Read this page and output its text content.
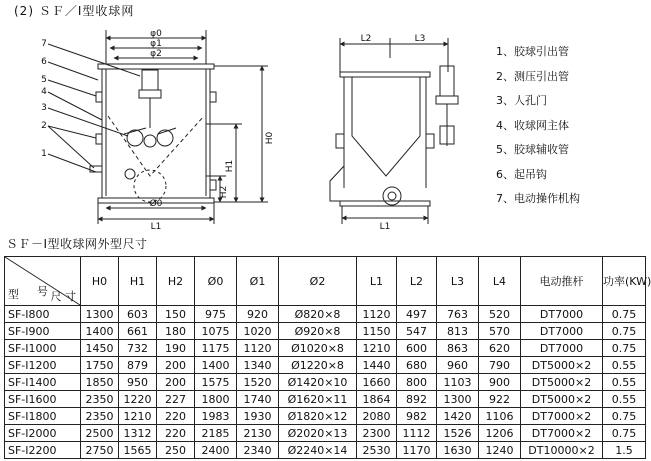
(2) ＳＦ／Ⅰ型收球网
7
6
5
4
3
2
1
φ0
φ1
φ2
Ø0
L1
H0
H1
H2
L2	L3
L1
1、胶球引出管
2、测压引出管
3、人孔门
4、收球网主体
5、胶球辅收管
6、起吊钩
7、电动操作机构
ＳＦ－Ⅰ型收球网外型尺寸
型 号 尺 寸	H0	H1	H2	Ø0	Ø1	Ø2	L1	L2	L3	L4	电动推杆	功率(KW)
SF-Ⅰ800	1300	603	150	975	920	Ø820×8	1120	497	763	520	DT7000	0.75
SF-Ⅰ900	1400	661	180	1075	1020	Ø920×8	1150	547	813	570	DT7000	0.75
SF-Ⅰ1000	1450	732	190	1175	1120	Ø1020×8	1210	600	863	620	DT7000	0.75
SF-Ⅰ1200	1750	879	200	1400	1340	Ø1220×8	1440	680	960	790	DT5000×2	0.55
SF-Ⅰ1400	1850	950	200	1575	1520	Ø1420×10	1660	800	1103	900	DT5000×2	0.55
SF-Ⅰ1600	2350	1220	227	1800	1740	Ø1620×11	1864	892	1300	922	DT5000×2	0.55
SF-Ⅰ1800	2350	1210	220	1983	1930	Ø1820×12	2080	982	1420	1106	DT7000×2	0.75
SF-Ⅰ2000	2500	1312	220	2185	2130	Ø2020×13	2300	1112	1526	1206	DT7000×2	0.75
SF-Ⅰ2200	2750	1565	250	2400	2340	Ø2240×14	2530	1170	1630	1240	DT10000×2	1.5
